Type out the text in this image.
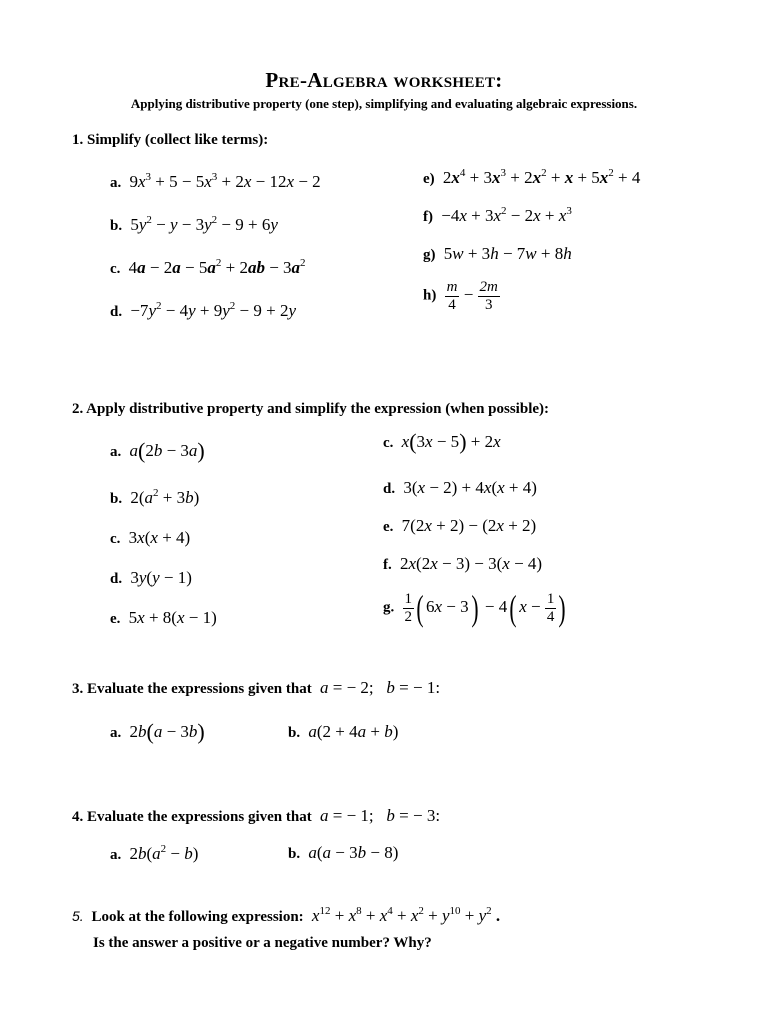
Pre-Algebra worksheet:
Applying distributive property (one step), simplifying and evaluating algebraic expressions.
1. Simplify (collect like terms):
a.  $9x^3 + 5 - 5x^3 + 2x - 12x - 2$
b.  $5y^2 - y - 3y^2 - 9 + 6y$
c.  $4a - 2a - 5a^2 + 2ab - 3a^2$
d.  $-7y^2 - 4y + 9y^2 - 9 + 2y$
e)  $2x^4 + 3x^3 + 2x^2 + x + 5x^2 + 4$
$f) -4x + 3x^2 - 2x + x^3$
g)  5w + 3h − 7w + 8h
$h) \frac{m}{4} - \frac{2m}{3}$
2. Apply distributive property and simplify the expression (when possible):
a. a(2b − 3a)
b.  $2(a^2 + 3b)$
c.  3x(x + 4)
d.  3y(y − 1)
e.  5x + 8(x − 1)
c. x(3x − 5) + 2x
d.  3(x − 2) + 4x(x + 4)
e.  7(2x + 2) − (2x + 2)
f.  2x(2x − 3) − 3(x − 4)
g. $\frac{1}{2}$ ( 6x − 3) − 4( $x - \frac{1}{4}$ )
3. Evaluate the expressions given that a = − 2;   b = − 1:
a.  2b(a − 3b)	b. a(2 + 4a + b)
4. Evaluate the expressions given that a = − 1;   b = − 3:
a.  $2b(a^2 - b)$	b. a(a − 3b − 8)
5. Look at the following expression: $x^{12} + x^8 + x^4 + x^2 + y^{10} + y^2$ .
Is the answer a positive or a negative number? Why?
